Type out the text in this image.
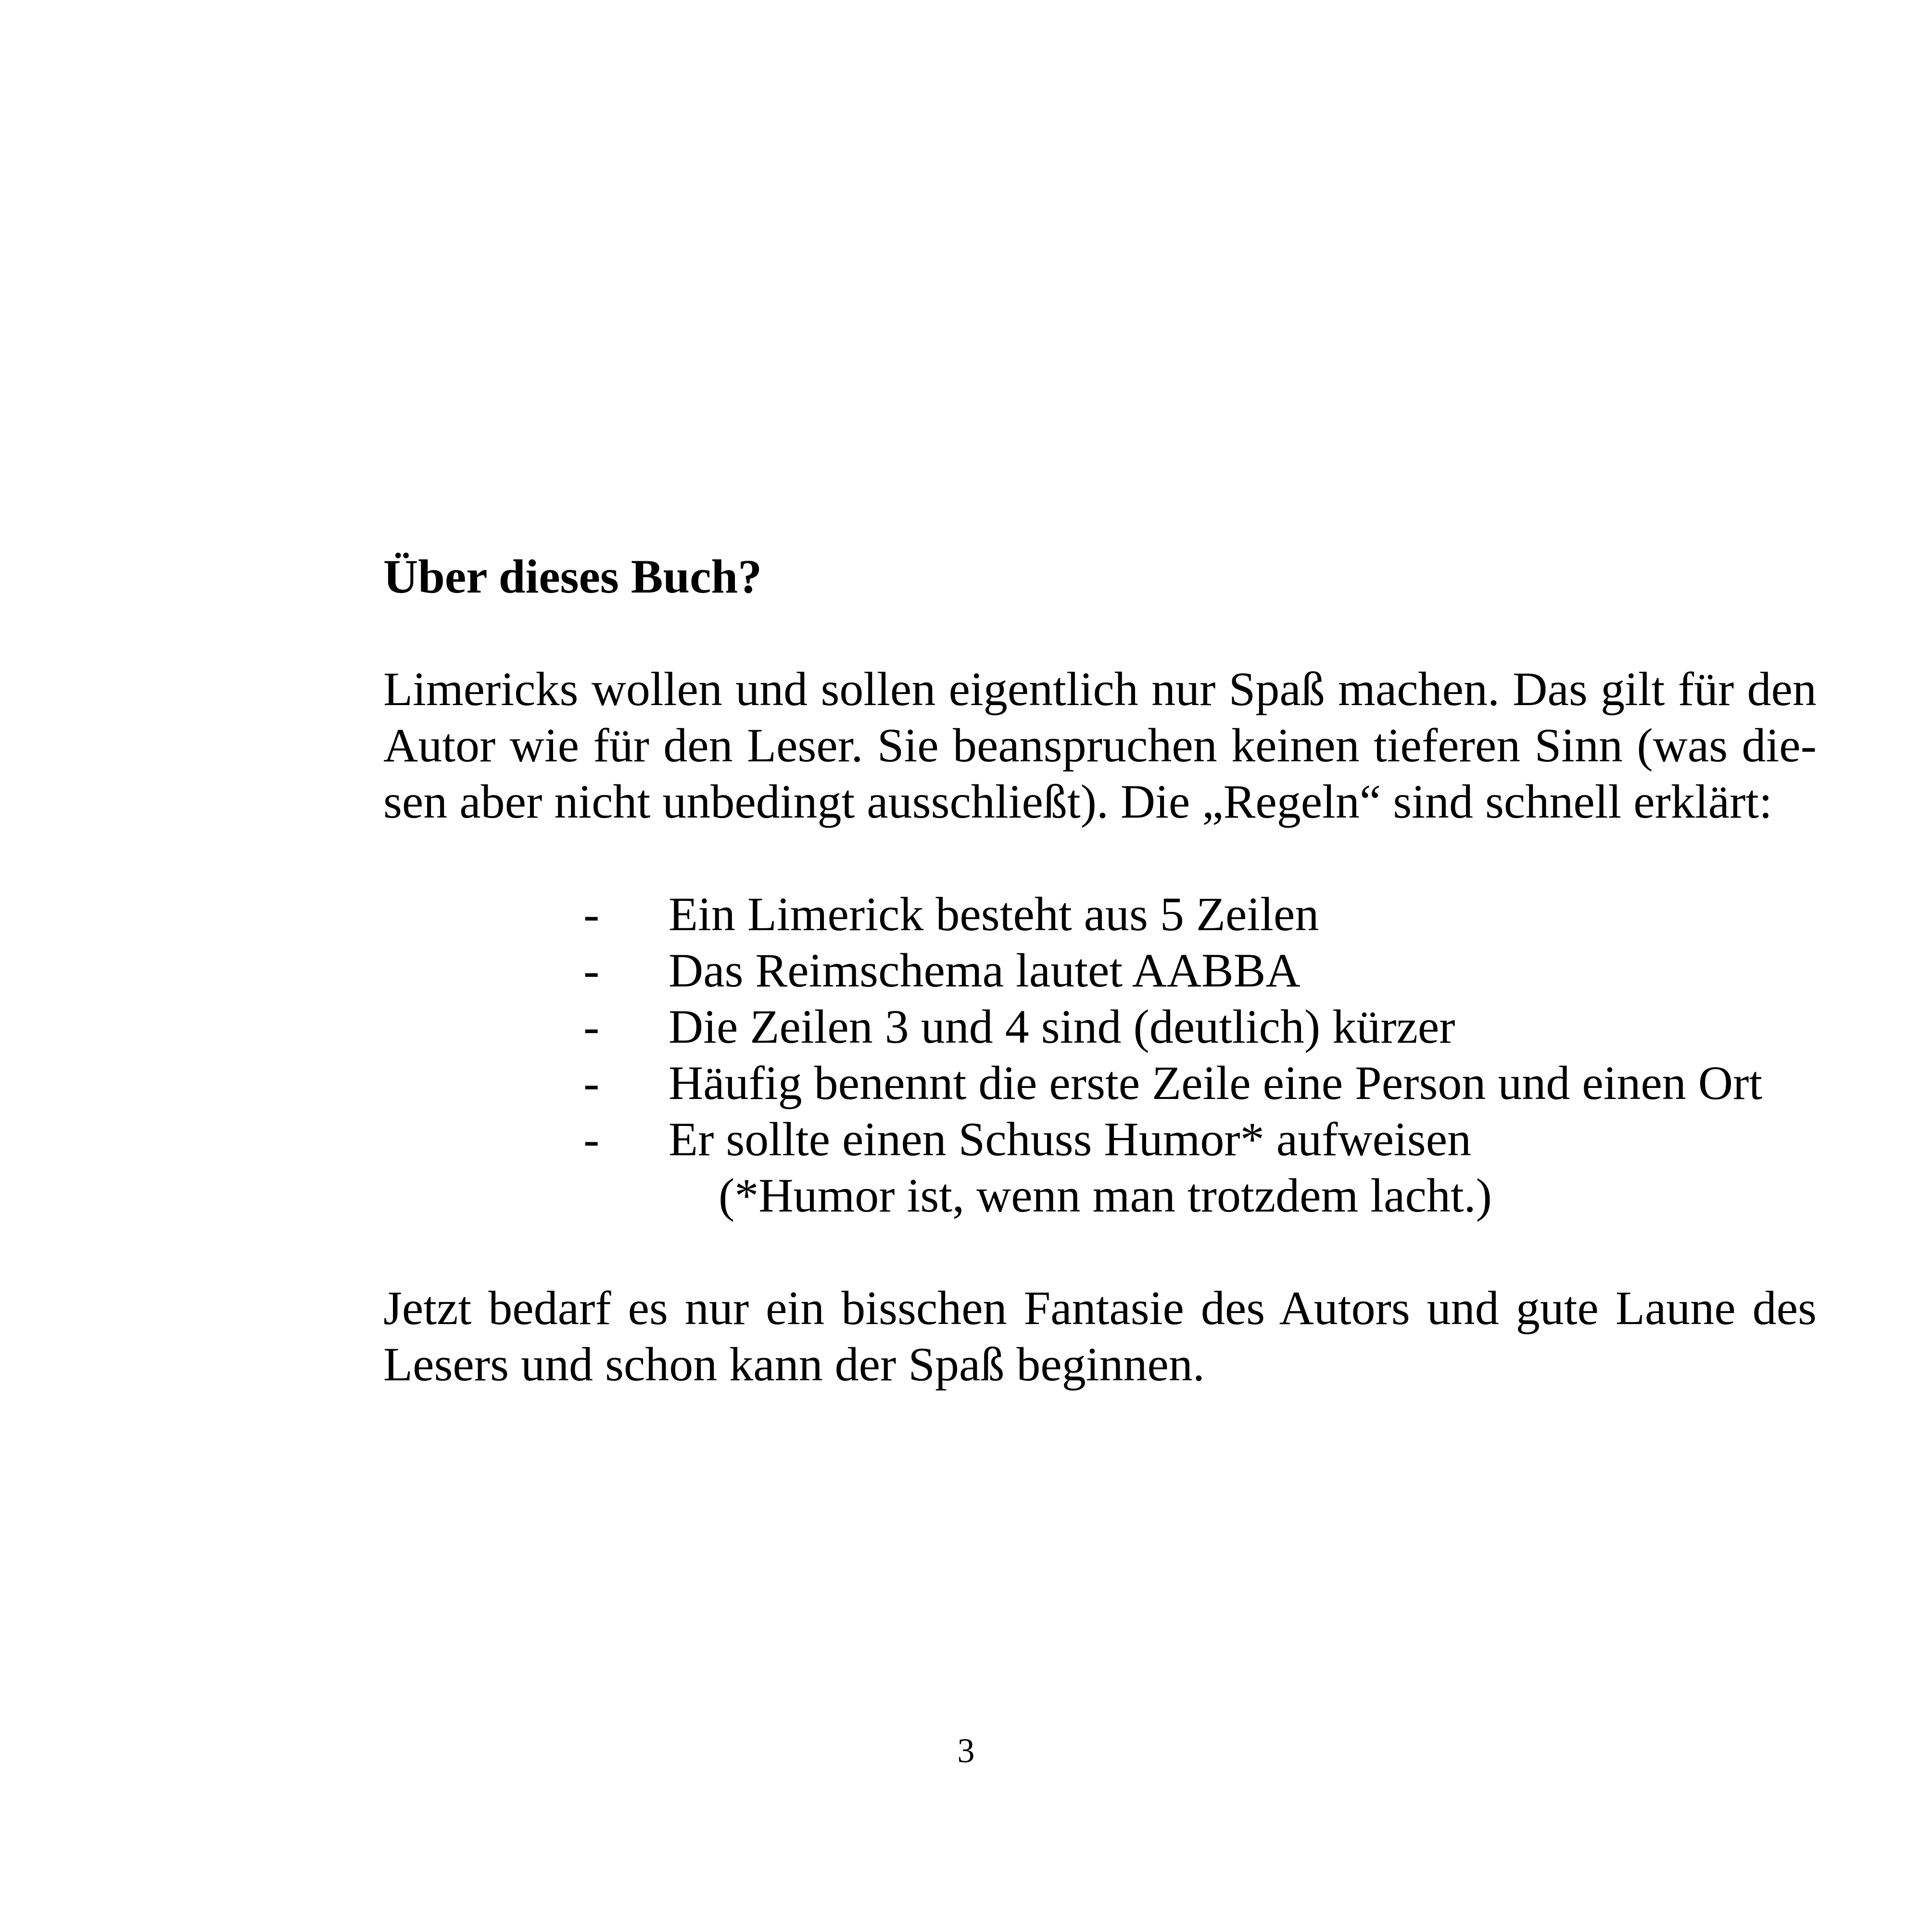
Über dieses Buch?
Limericks wollen und sollen eigentlich nur Spaß machen. Das gilt für den
Autor wie für den Leser. Sie beanspruchen keinen tieferen Sinn (was die-
sen aber nicht unbedingt ausschließt). Die „Regeln“ sind schnell erklärt:
- Ein Limerick besteht aus 5 Zeilen
- Das Reimschema lautet AABBA
- Die Zeilen 3 und 4 sind (deutlich) kürzer
- Häufig benennt die erste Zeile eine Person und einen Ort
- Er sollte einen Schuss Humor* aufweisen

(*Humor ist, wenn man trotzdem lacht.)

Jetzt bedarf es nur ein bisschen Fantasie des Autors und gute Laune des
Lesers und schon kann der Spaß beginnen.
3
